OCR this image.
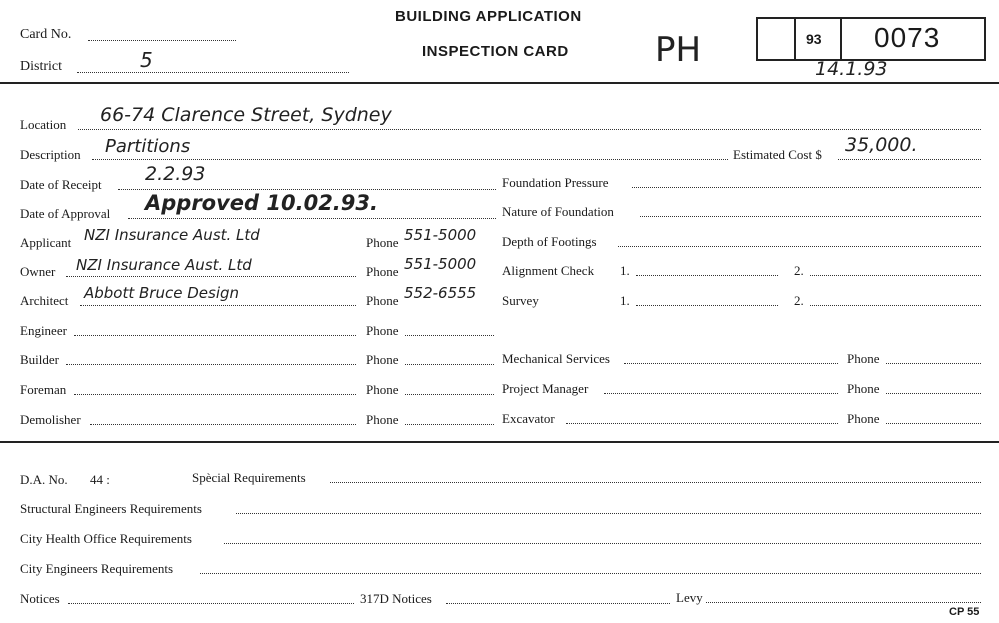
Card No.
District	5
BUILDING APPLICATION
INSPECTION CARD	PH	93 0073
14.1.93
Location 66-74 Clarence Street, Sydney
Description Partitions	Estimated Cost $ 35,000.
Date of Receipt 2.2.93	Foundation Pressure
Date of Approval Approved 10.02.93.	Nature of Foundation
Applicant NZI Insurance Aust. Ltd	Phone 551-5000 Depth of Footings
Owner NZI Insurance Aust. Ltd	Phone 551-5000 Alignment Check 1.	2.
Architect Abbott Bruce Design	Phone 552-6555 Survey	1.	2.
Engineer	Phone
Builder	Phone	Mechanical Services	Phone
Foreman	Phone	Project Manager	Phone
Demolisher	Phone	Excavator	Phone
D.A. No. 44 :	Spècial Requirements
Structural Engineers Requirements
City Health Office Requirements
City Engineers Requirements
Notices	317D Notices	Levy
CP 55
